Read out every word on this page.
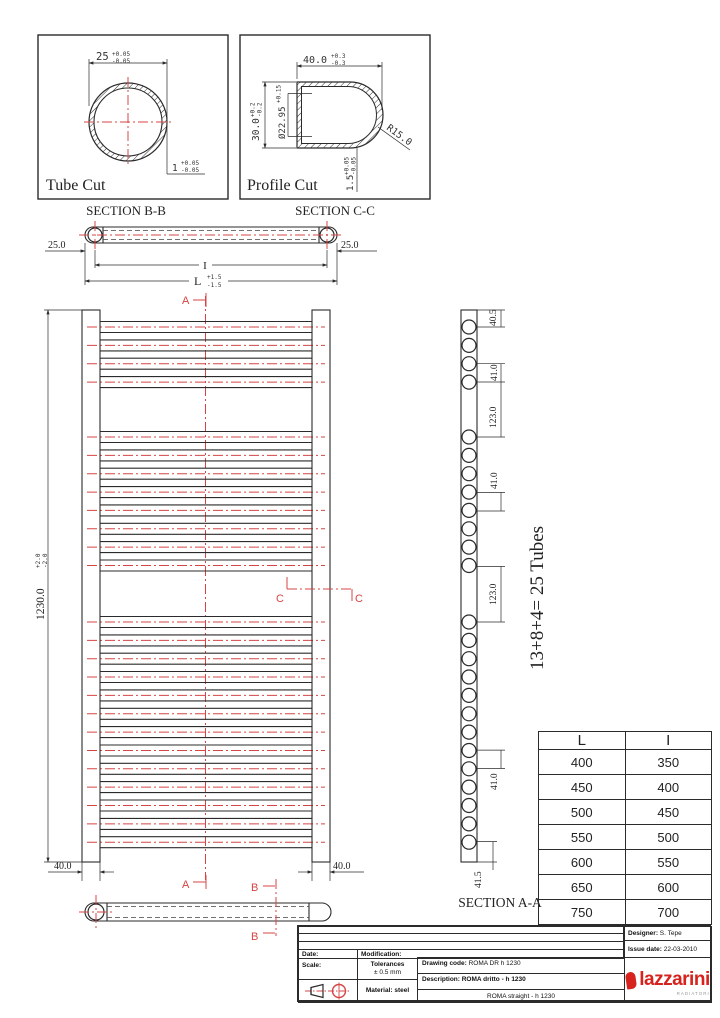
25 +0.05
-0.05
1 +0.05
-0.05
Tube Cut
SECTION B-B
40.0 +0.3
-0.3
30.0
+0.2 -0.2 Ø22.95
+0.15
R15.0
1.5
+0.05 -0.05
Profile Cut
SECTION C-C
25.0	25.0
I
L +1.5
-1.5
1230.0
+2.0 -2.0
40.0	40.0
A
A
C	C
B
B
40.5
41.0
123.0
41.0
123.0
41.0
41.5
13+8+4= 25 Tubes
SECTION A-A
L	I
400	350
450	400
500	450
550	500
600	550
650	600
750	700
Date:	Modification:
Scale:	Tolerances
± 0.5 mm
Material: steel
Drawing code: ROMA DR h 1230
Description: ROMA dritto - h 1230
ROMA straight - h 1230
Designer: S. Tepe
Issue date: 22-03-2010
lazzarini
RADIATORI
